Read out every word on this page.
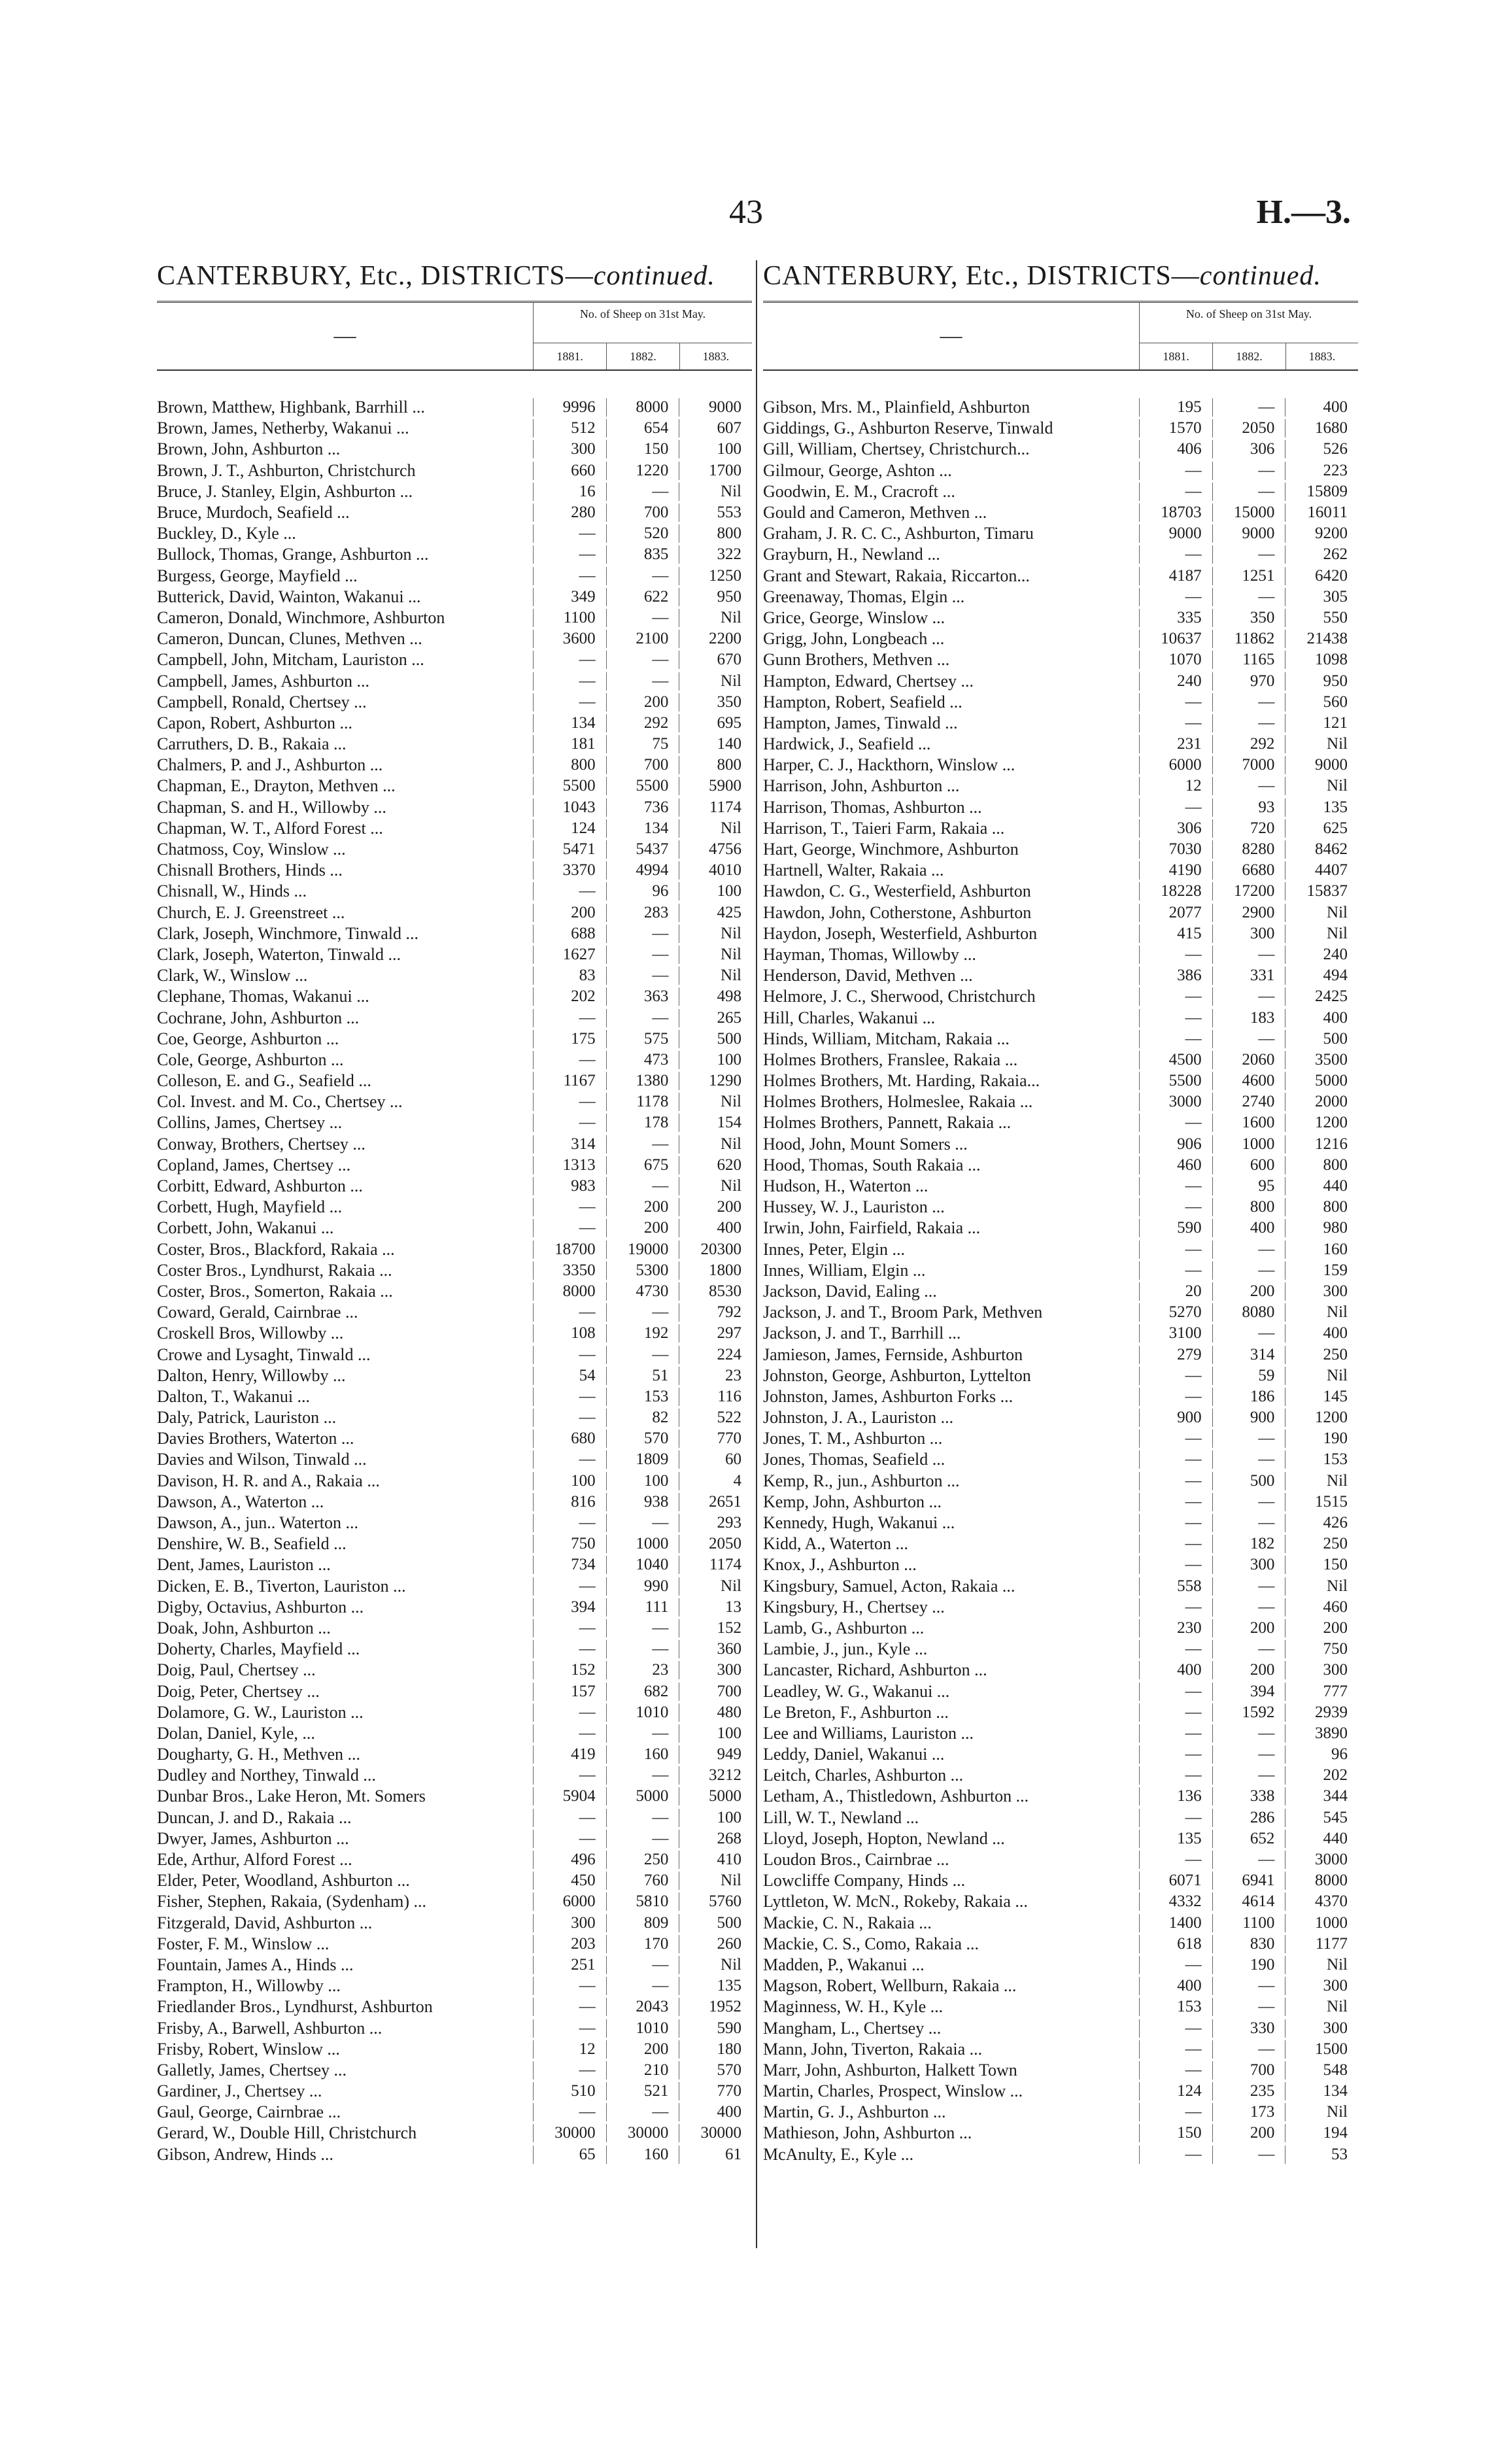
43	H.—3.
CANTERBURY, Etc., DISTRICTS—continued.
—
No. of Sheep on 31st May.
1881.	1882.	1883.
Brown, Matthew, Highbank, Barrhill ...	9996	8000	9000
Brown, James, Netherby, Wakanui ...	512	654	607
Brown, John, Ashburton ...	300	150	100
Brown, J. T., Ashburton, Christchurch	660	1220	1700
Bruce, J. Stanley, Elgin, Ashburton ...	16	—	Nil
Bruce, Murdoch, Seafield ...	280	700	553
Buckley, D., Kyle ...	—	520	800
Bullock, Thomas, Grange, Ashburton ...	—	835	322
Burgess, George, Mayfield ...	—	—	1250
Butterick, David, Wainton, Wakanui ...	349	622	950
Cameron, Donald, Winchmore, Ashburton	1100	—	Nil
Cameron, Duncan, Clunes, Methven ...	3600	2100	2200
Campbell, John, Mitcham, Lauriston ...	—	—	670
Campbell, James, Ashburton ...	—	—	Nil
Campbell, Ronald, Chertsey ...	—	200	350
Capon, Robert, Ashburton ...	134	292	695
Carruthers, D. B., Rakaia ...	181	75	140
Chalmers, P. and J., Ashburton ...	800	700	800
Chapman, E., Drayton, Methven ...	5500	5500	5900
Chapman, S. and H., Willowby ...	1043	736	1174
Chapman, W. T., Alford Forest ...	124	134	Nil
Chatmoss, Coy, Winslow ...	5471	5437	4756
Chisnall Brothers, Hinds ...	3370	4994	4010
Chisnall, W., Hinds ...	—	96	100
Church, E. J. Greenstreet ...	200	283	425
Clark, Joseph, Winchmore, Tinwald ...	688	—	Nil
Clark, Joseph, Waterton, Tinwald ...	1627	—	Nil
Clark, W., Winslow ...	83	—	Nil
Clephane, Thomas, Wakanui ...	202	363	498
Cochrane, John, Ashburton ...	—	—	265
Coe, George, Ashburton ...	175	575	500
Cole, George, Ashburton ...	—	473	100
Colleson, E. and G., Seafield ...	1167	1380	1290
Col. Invest. and M. Co., Chertsey ...	—	1178	Nil
Collins, James, Chertsey ...	—	178	154
Conway, Brothers, Chertsey ...	314	—	Nil
Copland, James, Chertsey ...	1313	675	620
Corbitt, Edward, Ashburton ...	983	—	Nil
Corbett, Hugh, Mayfield ...	—	200	200
Corbett, John, Wakanui ...	—	200	400
Coster, Bros., Blackford, Rakaia ...	18700	19000	20300
Coster Bros., Lyndhurst, Rakaia ...	3350	5300	1800
Coster, Bros., Somerton, Rakaia ...	8000	4730	8530
Coward, Gerald, Cairnbrae ...	—	—	792
Croskell Bros, Willowby ...	108	192	297
Crowe and Lysaght, Tinwald ...	—	—	224
Dalton, Henry, Willowby ...	54	51	23
Dalton, T., Wakanui ...	—	153	116
Daly, Patrick, Lauriston ...	—	82	522
Davies Brothers, Waterton ...	680	570	770
Davies and Wilson, Tinwald ...	—	1809	60
Davison, H. R. and A., Rakaia ...	100	100	4
Dawson, A., Waterton ...	816	938	2651
Dawson, A., jun.. Waterton ...	—	—	293
Denshire, W. B., Seafield ...	750	1000	2050
Dent, James, Lauriston ...	734	1040	1174
Dicken, E. B., Tiverton, Lauriston ...	—	990	Nil
Digby, Octavius, Ashburton ...	394	111	13
Doak, John, Ashburton ...	—	—	152
Doherty, Charles, Mayfield ...	—	—	360
Doig, Paul, Chertsey ...	152	23	300
Doig, Peter, Chertsey ...	157	682	700
Dolamore, G. W., Lauriston ...	—	1010	480
Dolan, Daniel, Kyle, ...	—	—	100
Dougharty, G. H., Methven ...	419	160	949
Dudley and Northey, Tinwald ...	—	—	3212
Dunbar Bros., Lake Heron, Mt. Somers	5904	5000	5000
Duncan, J. and D., Rakaia ...	—	—	100
Dwyer, James, Ashburton ...	—	—	268
Ede, Arthur, Alford Forest ...	496	250	410
Elder, Peter, Woodland, Ashburton ...	450	760	Nil
Fisher, Stephen, Rakaia, (Sydenham) ...	6000	5810	5760
Fitzgerald, David, Ashburton ...	300	809	500
Foster, F. M., Winslow ...	203	170	260
Fountain, James A., Hinds ...	251	—	Nil
Frampton, H., Willowby ...	—	—	135
Friedlander Bros., Lyndhurst, Ashburton	—	2043	1952
Frisby, A., Barwell, Ashburton ...	—	1010	590
Frisby, Robert, Winslow ...	12	200	180
Galletly, James, Chertsey ...	—	210	570
Gardiner, J., Chertsey ...	510	521	770
Gaul, George, Cairnbrae ...	—	—	400
Gerard, W., Double Hill, Christchurch	30000	30000	30000
Gibson, Andrew, Hinds ...	65	160	61
CANTERBURY, Etc., DISTRICTS—continued.
—
No. of Sheep on 31st May.
1881.	1882.	1883.
Gibson, Mrs. M., Plainfield, Ashburton	195	—	400
Giddings, G., Ashburton Reserve, Tinwald	1570	2050	1680
Gill, William, Chertsey, Christchurch...	406	306	526
Gilmour, George, Ashton ...	—	—	223
Goodwin, E. M., Cracroft ...	—	—	15809
Gould and Cameron, Methven ...	18703	15000	16011
Graham, J. R. C. C., Ashburton, Timaru	9000	9000	9200
Grayburn, H., Newland ...	—	—	262
Grant and Stewart, Rakaia, Riccarton...	4187	1251	6420
Greenaway, Thomas, Elgin ...	—	—	305
Grice, George, Winslow ...	335	350	550
Grigg, John, Longbeach ...	10637	11862	21438
Gunn Brothers, Methven ...	1070	1165	1098
Hampton, Edward, Chertsey ...	240	970	950
Hampton, Robert, Seafield ...	—	—	560
Hampton, James, Tinwald ...	—	—	121
Hardwick, J., Seafield ...	231	292	Nil
Harper, C. J., Hackthorn, Winslow ...	6000	7000	9000
Harrison, John, Ashburton ...	12	—	Nil
Harrison, Thomas, Ashburton ...	—	93	135
Harrison, T., Taieri Farm, Rakaia ...	306	720	625
Hart, George, Winchmore, Ashburton	7030	8280	8462
Hartnell, Walter, Rakaia ...	4190	6680	4407
Hawdon, C. G., Westerfield, Ashburton	18228	17200	15837
Hawdon, John, Cotherstone, Ashburton	2077	2900	Nil
Haydon, Joseph, Westerfield, Ashburton	415	300	Nil
Hayman, Thomas, Willowby ...	—	—	240
Henderson, David, Methven ...	386	331	494
Helmore, J. C., Sherwood, Christchurch	—	—	2425
Hill, Charles, Wakanui ...	—	183	400
Hinds, William, Mitcham, Rakaia ...	—	—	500
Holmes Brothers, Franslee, Rakaia ...	4500	2060	3500
Holmes Brothers, Mt. Harding, Rakaia...	5500	4600	5000
Holmes Brothers, Holmeslee, Rakaia ...	3000	2740	2000
Holmes Brothers, Pannett, Rakaia ...	—	1600	1200
Hood, John, Mount Somers ...	906	1000	1216
Hood, Thomas, South Rakaia ...	460	600	800
Hudson, H., Waterton ...	—	95	440
Hussey, W. J., Lauriston ...	—	800	800
Irwin, John, Fairfield, Rakaia ...	590	400	980
Innes, Peter, Elgin ...	—	—	160
Innes, William, Elgin ...	—	—	159
Jackson, David, Ealing ...	20	200	300
Jackson, J. and T., Broom Park, Methven	5270	8080	Nil
Jackson, J. and T., Barrhill ...	3100	—	400
Jamieson, James, Fernside, Ashburton	279	314	250
Johnston, George, Ashburton, Lyttelton	—	59	Nil
Johnston, James, Ashburton Forks ...	—	186	145
Johnston, J. A., Lauriston ...	900	900	1200
Jones, T. M., Ashburton ...	—	—	190
Jones, Thomas, Seafield ...	—	—	153
Kemp, R., jun., Ashburton ...	—	500	Nil
Kemp, John, Ashburton ...	—	—	1515
Kennedy, Hugh, Wakanui ...	—	—	426
Kidd, A., Waterton ...	—	182	250
Knox, J., Ashburton ...	—	300	150
Kingsbury, Samuel, Acton, Rakaia ...	558	—	Nil
Kingsbury, H., Chertsey ...	—	—	460
Lamb, G., Ashburton ...	230	200	200
Lambie, J., jun., Kyle ...	—	—	750
Lancaster, Richard, Ashburton ...	400	200	300
Leadley, W. G., Wakanui ...	—	394	777
Le Breton, F., Ashburton ...	—	1592	2939
Lee and Williams, Lauriston ...	—	—	3890
Leddy, Daniel, Wakanui ...	—	—	96
Leitch, Charles, Ashburton ...	—	—	202
Letham, A., Thistledown, Ashburton ...	136	338	344
Lill, W. T., Newland ...	—	286	545
Lloyd, Joseph, Hopton, Newland ...	135	652	440
Loudon Bros., Cairnbrae ...	—	—	3000
Lowcliffe Company, Hinds ...	6071	6941	8000
Lyttleton, W. McN., Rokeby, Rakaia ...	4332	4614	4370
Mackie, C. N., Rakaia ...	1400	1100	1000
Mackie, C. S., Como, Rakaia ...	618	830	1177
Madden, P., Wakanui ...	—	190	Nil
Magson, Robert, Wellburn, Rakaia ...	400	—	300
Maginness, W. H., Kyle ...	153	—	Nil
Mangham, L., Chertsey ...	—	330	300
Mann, John, Tiverton, Rakaia ...	—	—	1500
Marr, John, Ashburton, Halkett Town	—	700	548
Martin, Charles, Prospect, Winslow ...	124	235	134
Martin, G. J., Ashburton ...	—	173	Nil
Mathieson, John, Ashburton ...	150	200	194
McAnulty, E., Kyle ...	—	—	53
